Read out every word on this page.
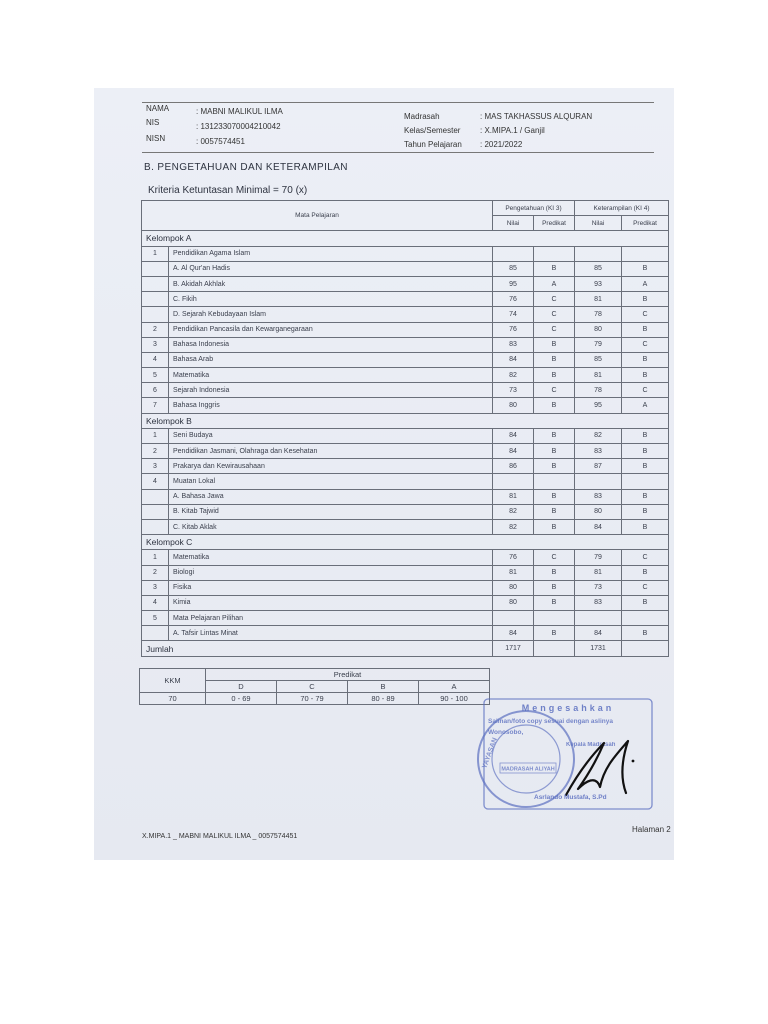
NAMA	: MABNI MALIKUL ILMA
NIS	: 131233070004210042
NISN	: 0057574451
Madrasah	: MAS TAKHASSUS ALQURAN
Kelas/Semester : X.MIPA.1 / Ganjil
Tahun Pelajaran : 2021/2022
B. PENGETAHUAN DAN KETERAMPILAN
Kriteria Ketuntasan Minimal = 70 (x)
Mata Pelajaran		Pengetahuan (KI 3)		Keterampilan (KI 4)	
		Nilai	Predikat	Nilai	Predikat
Kelompok A					
1	Pendidikan Agama Islam				
	A. Al Qur'an Hadis	85	B	85	B
	B. Akidah Akhlak	95	A	93	A
	C. Fikih	76	C	81	B
	D. Sejarah Kebudayaan Islam	74	C	78	C
2	Pendidikan Pancasila dan Kewarganegaraan	76	C	80	B
3	Bahasa Indonesia	83	B	79	C
4	Bahasa Arab	84	B	85	B
5	Matematika	82	B	81	B
6	Sejarah Indonesia	73	C	78	C
7	Bahasa Inggris	80	B	95	A
Kelompok B					
1	Seni Budaya	84	B	82	B
2	Pendidikan Jasmani, Olahraga dan Kesehatan	84	B	83	B
3	Prakarya dan Kewirausahaan	86	B	87	B
4	Muatan Lokal				
	A. Bahasa Jawa	81	B	83	B
	B. Kitab Tajwid	82	B	80	B
	C. Kitab Aklak	82	B	84	B
Kelompok C					
1	Matematika	76	C	79	C
2	Biologi	81	B	81	B
3	Fisika	80	B	73	C
4	Kimia	80	B	83	B
5	Mata Pelajaran Pilihan				
	A. Tafsir Lintas Minat	84	B	84	B
Jumlah		1717		1731	
KKM	Predikat			
	D	C	B	A
70	0 - 69	70 - 79	80 - 89	90 - 100
Mengesahkan
Salinan/foto copy sesuai dengan aslinya
Wonosobo,
Kepala Madrasah
YAYASAN MADRASAH ALIYAH
Asrlando Mustafa, S.Pd
X.MIPA.1 _ MABNI MALIKUL ILMA _ 0057574451
Halaman 2
